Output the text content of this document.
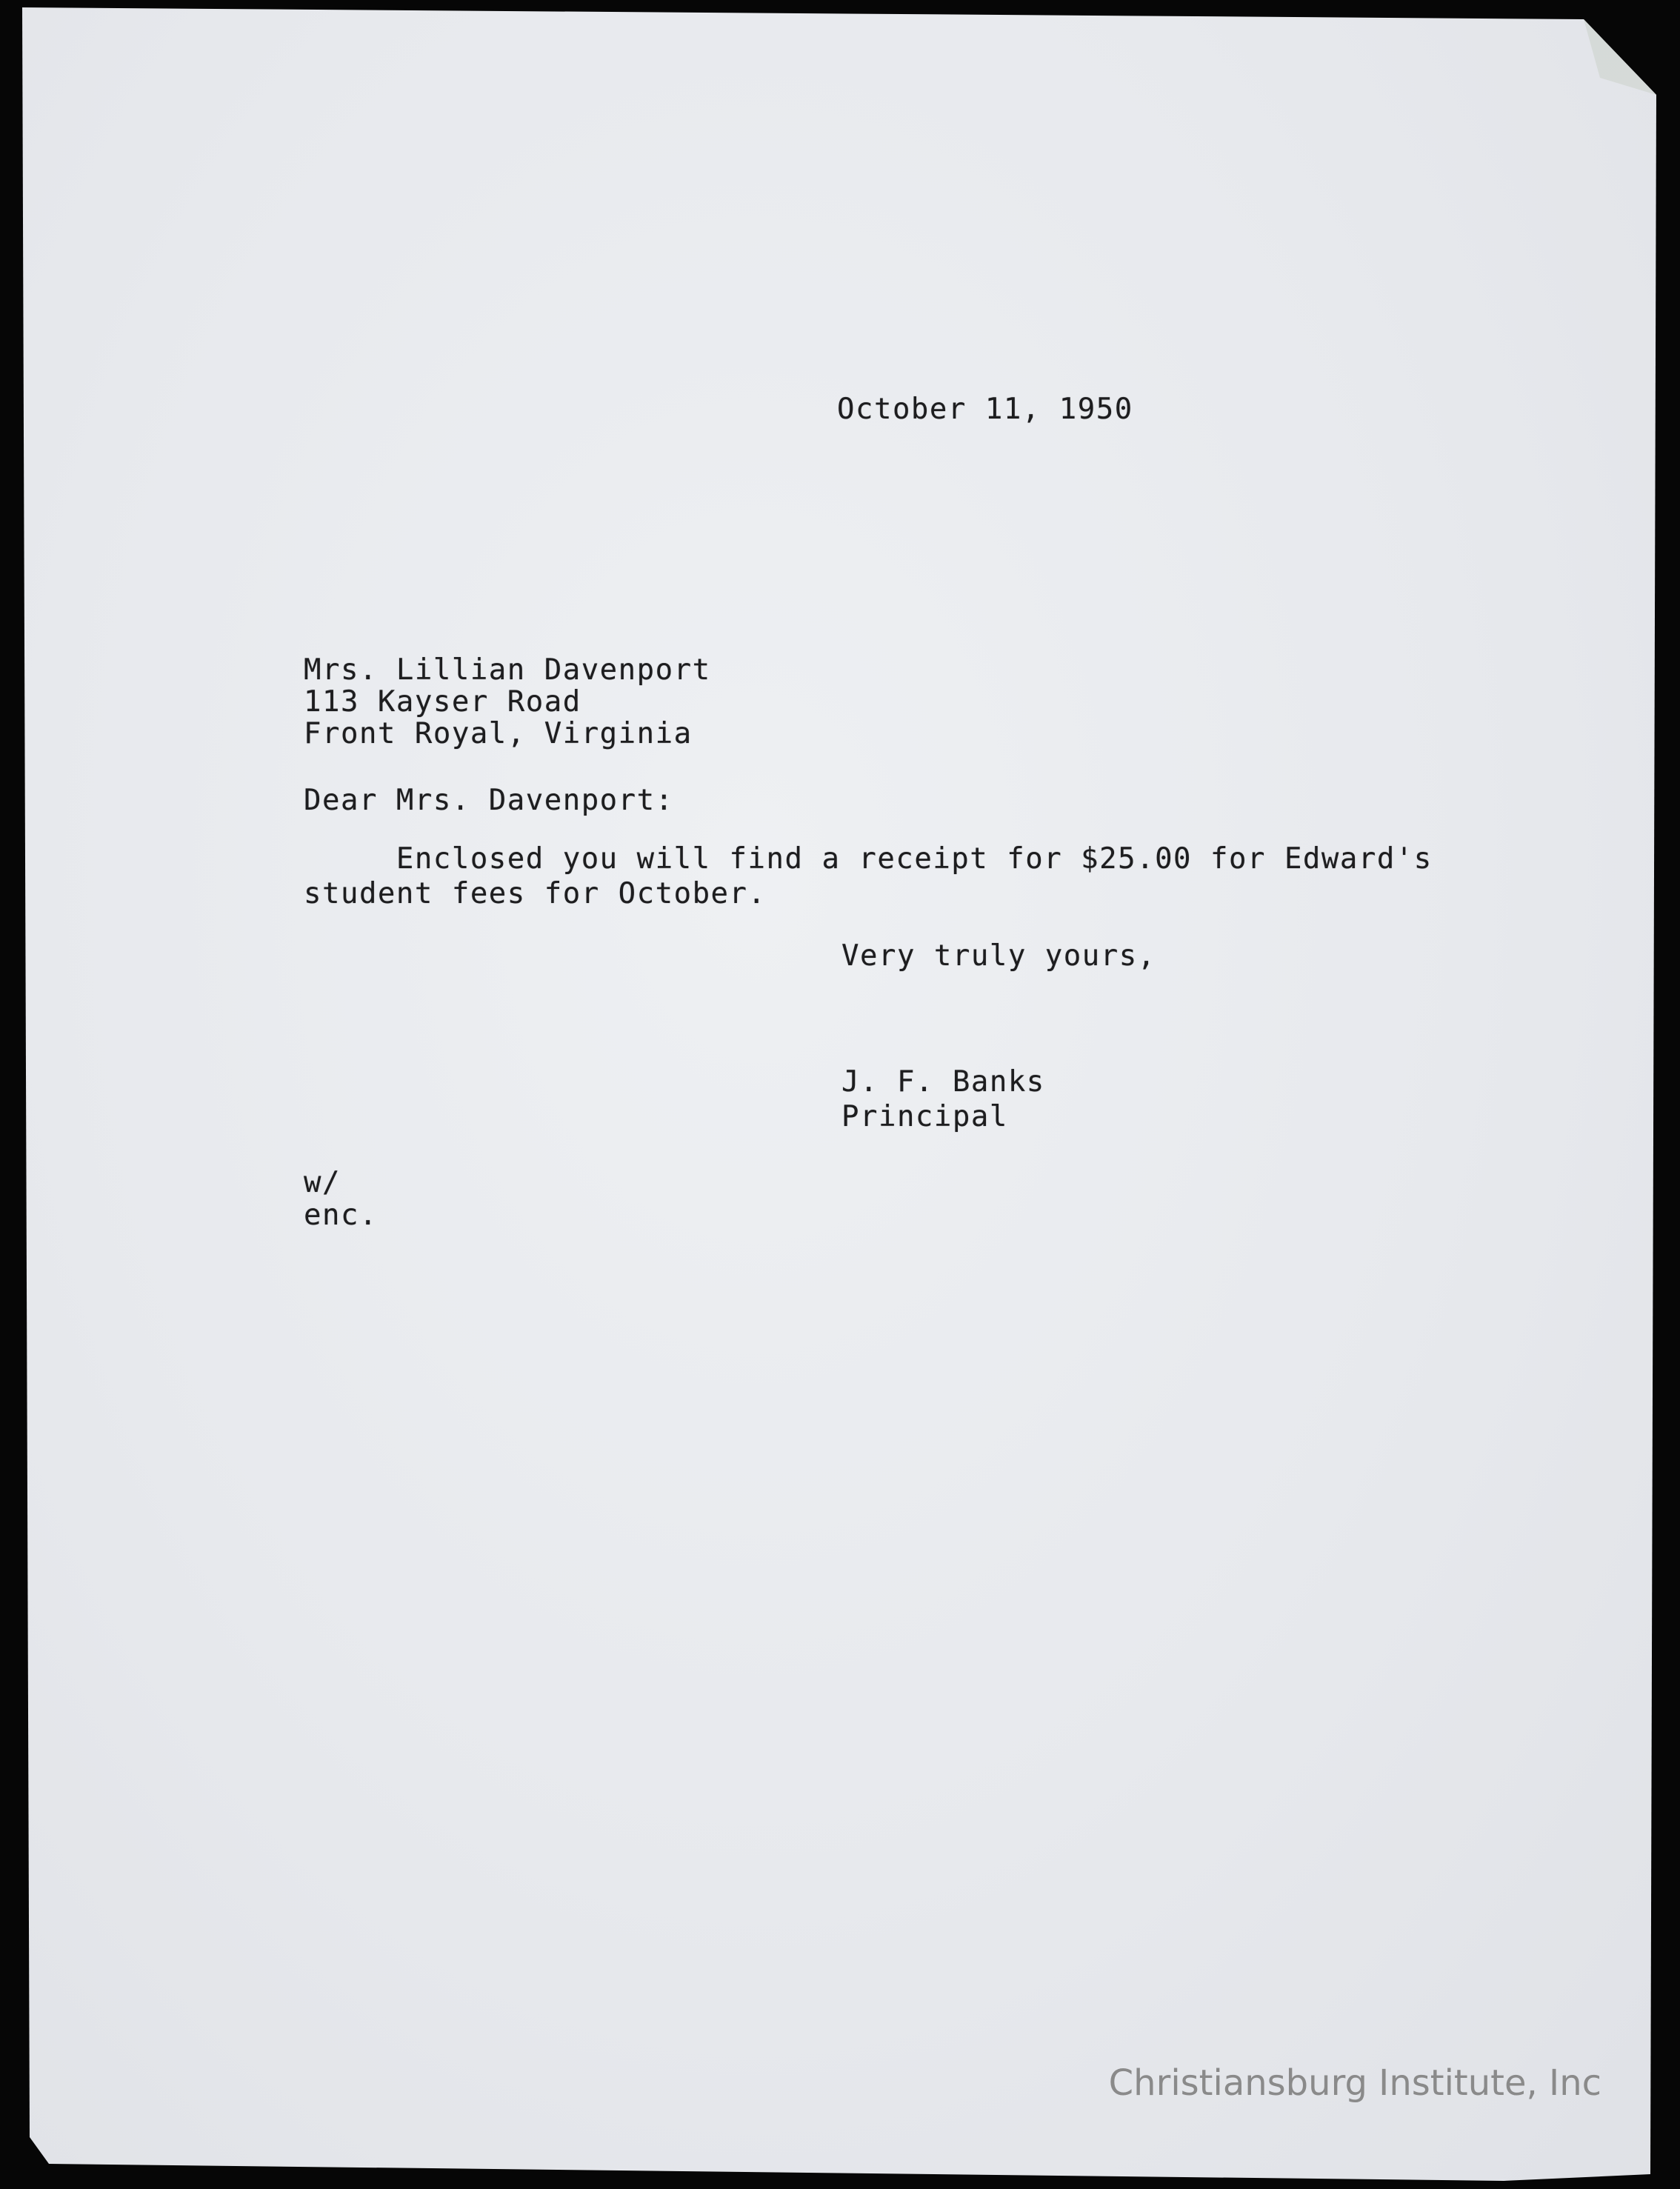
October 11, 1950
Mrs. Lillian Davenport
113 Kayser Road
Front Royal, Virginia
Dear Mrs. Davenport:
Enclosed you will find a receipt for $25.00 for Edward's
student fees for October.
Very truly yours,
J. F. Banks
Principal
w/
enc.
Christiansburg Institute, Inc
